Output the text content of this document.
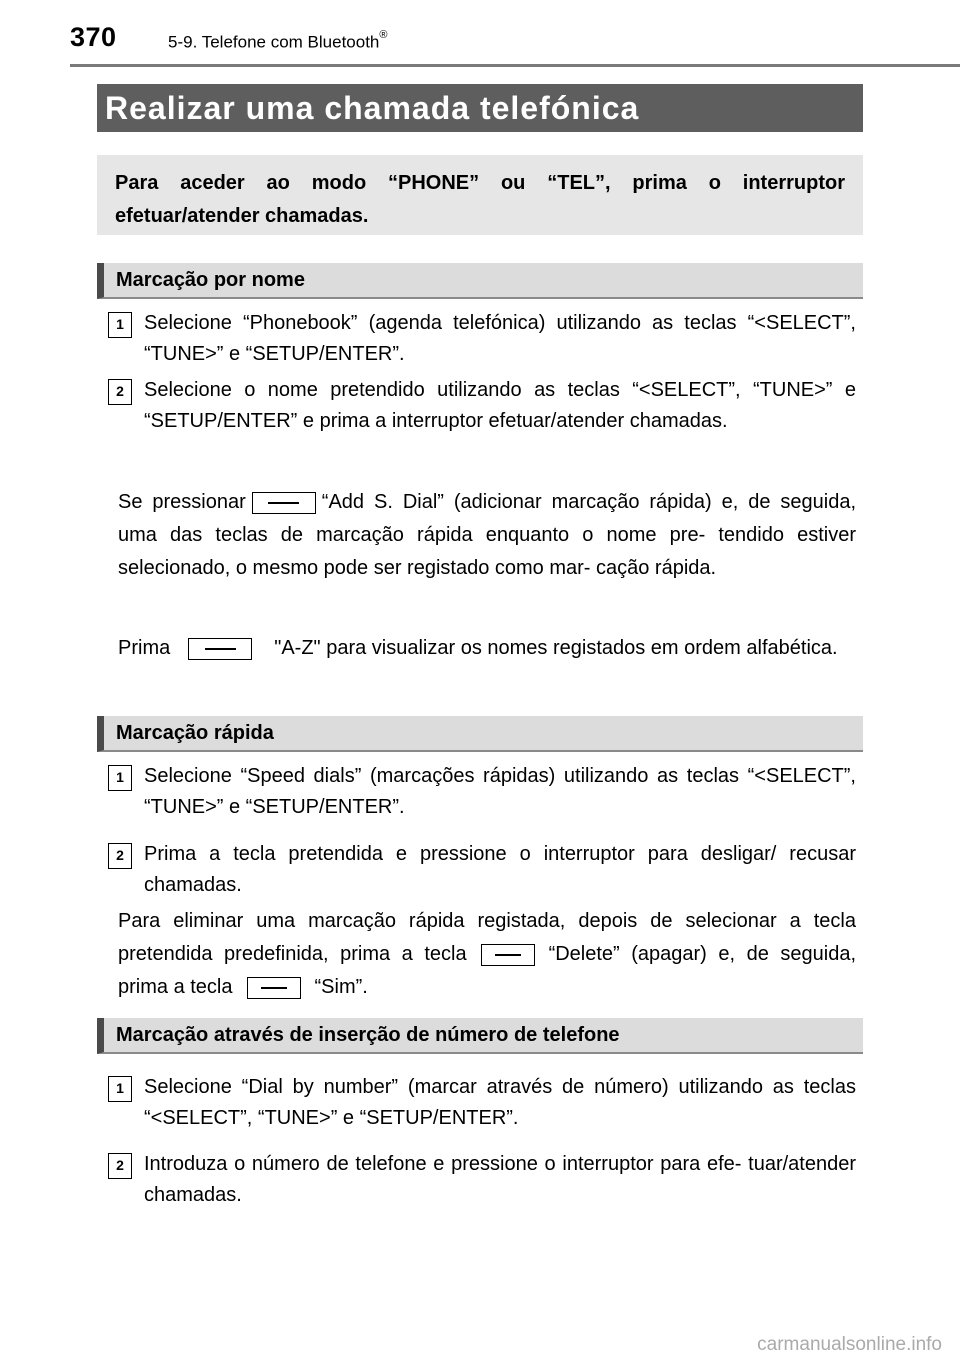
370	5-9. Telefone com Bluetooth®
Realizar uma chamada telefónica
Para aceder ao modo “PHONE” ou “TEL”, prima o interruptor efetuar/atender chamadas.
Marcação por nome
1	Selecione “Phonebook” (agenda telefónica) utilizando as teclas “<SELECT”, “TUNE>” e “SETUP/ENTER”.
2	Selecione o nome pretendido utilizando as teclas “<SELECT”, “TUNE>” e “SETUP/ENTER” e prima a interruptor efetuar/atender chamadas.
Se pressionar	“Add S. Dial” (adicionar marcação rápida) e, de seguida, uma das teclas de marcação rápida enquanto o nome pre- tendido estiver selecionado, o mesmo pode ser registado como mar- cação rápida.
Prima	"A-Z" para visualizar os nomes registados em ordem alfabética.
Marcação rápida
1	Selecione “Speed dials” (marcações rápidas) utilizando as teclas “<SELECT”, “TUNE>” e “SETUP/ENTER”.
2	Prima a tecla pretendida e pressione o interruptor para desligar/ recusar chamadas.
Para eliminar uma marcação rápida registada, depois de selecionar a tecla pretendida predefinida, prima a tecla	“Delete” (apagar) e, de seguida, prima a tecla	“Sim”.
Marcação através de inserção de número de telefone
1	Selecione “Dial by number” (marcar através de número) utilizando as teclas “<SELECT”, “TUNE>” e “SETUP/ENTER”.
2	Introduza o número de telefone e pressione o interruptor para efe- tuar/atender chamadas.
carmanualsonline.info
